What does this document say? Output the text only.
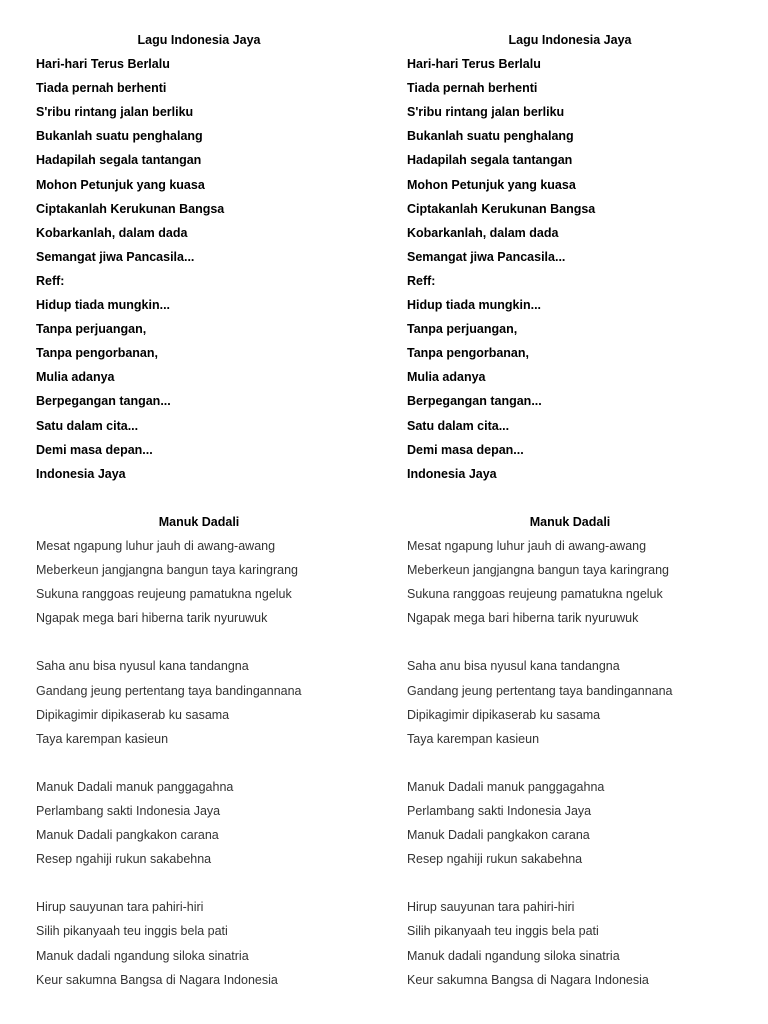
Lagu Indonesia Jaya
Hari-hari Terus Berlalu
Tiada pernah berhenti
S'ribu rintang jalan berliku
Bukanlah suatu penghalang
Hadapilah segala tantangan
Mohon Petunjuk yang kuasa
Ciptakanlah Kerukunan Bangsa
Kobarkanlah, dalam dada
Semangat jiwa Pancasila...
Reff:
Hidup tiada mungkin...
Tanpa perjuangan,
Tanpa pengorbanan,
Mulia adanya
Berpegangan tangan...
Satu dalam cita...
Demi masa depan...
Indonesia Jaya
Manuk Dadali
Mesat ngapung luhur jauh di awang-awang
Meberkeun jangjangna bangun taya karingrang
Sukuna ranggoas reujeung pamatukna ngeluk
Ngapak mega bari hiberna tarik nyuruwuk
Saha anu bisa nyusul kana tandangna
Gandang jeung pertentang taya bandingannana
Dipikagimir dipikaserab ku sasama
Taya karempan kasieun
Manuk Dadali manuk panggagahna
Perlambang sakti Indonesia Jaya
Manuk Dadali pangkakon carana
Resep ngahiji rukun sakabehna
Hirup sauyunan tara pahiri-hiri
Silih pikanyaah teu inggis bela pati
Manuk dadali ngandung siloka sinatria
Keur sakumna Bangsa di Nagara Indonesia
Lagu Indonesia Jaya
Hari-hari Terus Berlalu
Tiada pernah berhenti
S'ribu rintang jalan berliku
Bukanlah suatu penghalang
Hadapilah segala tantangan
Mohon Petunjuk yang kuasa
Ciptakanlah Kerukunan Bangsa
Kobarkanlah, dalam dada
Semangat jiwa Pancasila...
Reff:
Hidup tiada mungkin...
Tanpa perjuangan,
Tanpa pengorbanan,
Mulia adanya
Berpegangan tangan...
Satu dalam cita...
Demi masa depan...
Indonesia Jaya
Manuk Dadali
Mesat ngapung luhur jauh di awang-awang
Meberkeun jangjangna bangun taya karingrang
Sukuna ranggoas reujeung pamatukna ngeluk
Ngapak mega bari hiberna tarik nyuruwuk
Saha anu bisa nyusul kana tandangna
Gandang jeung pertentang taya bandingannana
Dipikagimir dipikaserab ku sasama
Taya karempan kasieun
Manuk Dadali manuk panggagahna
Perlambang sakti Indonesia Jaya
Manuk Dadali pangkakon carana
Resep ngahiji rukun sakabehna
Hirup sauyunan tara pahiri-hiri
Silih pikanyaah teu inggis bela pati
Manuk dadali ngandung siloka sinatria
Keur sakumna Bangsa di Nagara Indonesia
